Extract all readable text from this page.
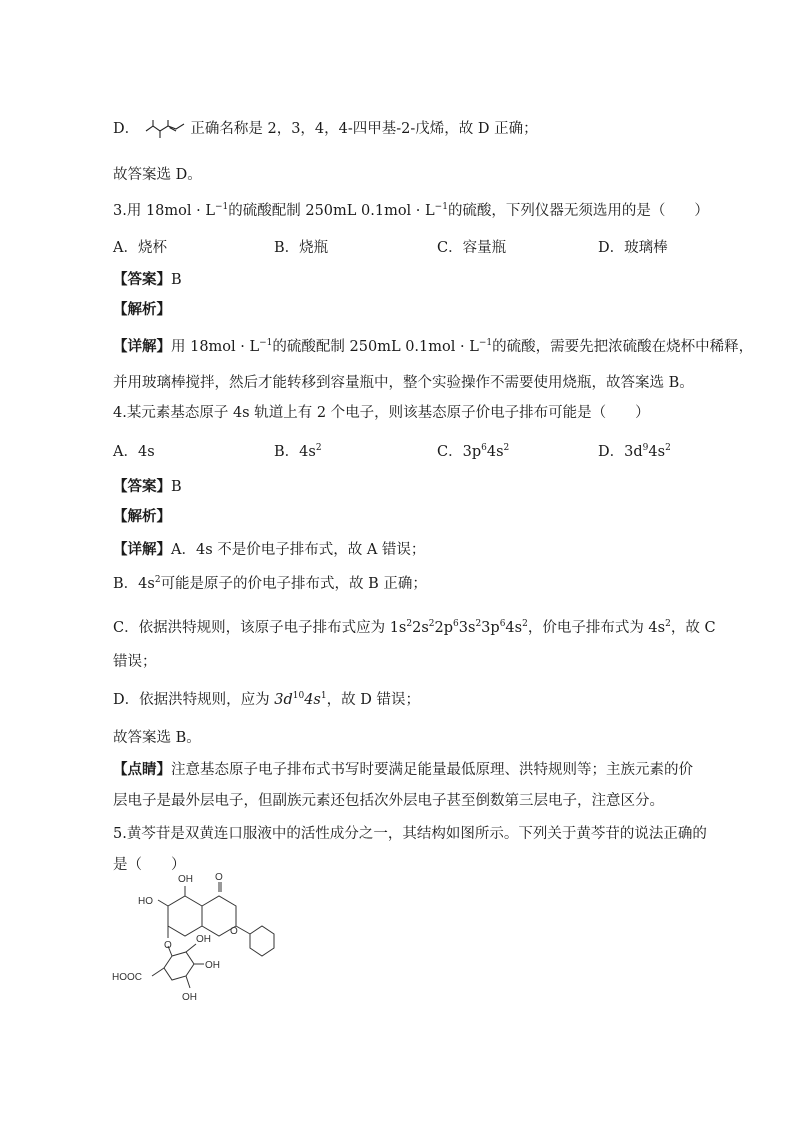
D．	正确名称是 2，3，4，4-四甲基-2-戊烯，故 D 正确；
故答案选 D。
3.用 $18mol \cdot L^{-1}$的硫酸配制 250mL $0.1mol \cdot L^{-1}$的硫酸，下列仪器无须选用的是（　　）
A．烧杯	B．烧瓶	C．容量瓶	D．玻璃棒
【答案】B
【解析】
【详解】用 $18mol \cdot L^{-1}$的硫酸配制 250mL $0.1mol \cdot L^{-1}$的硫酸，需要先把浓硫酸在烧杯中稀释，
并用玻璃棒搅拌，然后才能转移到容量瓶中，整个实验操作不需要使用烧瓶，故答案选 B。
4.某元素基态原子 4s 轨道上有 2 个电子，则该基态原子价电子排布可能是（　　）
A．4s	B．$4s^2$	C．$3p^64s^2$	D．$3d^94s^2$
【答案】B
【解析】
【详解】A．4s 不是价电子排布式，故 A 错误；
B．$4s^2$可能是原子的价电子排布式，故 B 正确；
C．依据洪特规则，该原子电子排布式应为 $1s^22s^22p^63s^23p^64s^2$，价电子排布式为 $4s^2$，故 C
错误；
D．依据洪特规则，应为 $3d^{10}4s^1$，故 D 错误；
故答案选 B。
【点睛】注意基态原子电子排布式书写时要满足能量最低原理、洪特规则等；主族元素的价
层电子是最外层电子，但副族元素还包括次外层电子甚至倒数第三层电子，注意区分。
5.黄芩苷是双黄连口服液中的活性成分之一，其结构如图所示。下列关于黄芩苷的说法正确的
是（　　）
OH O
HO
O
O
OH
HOOC
OH
OH
